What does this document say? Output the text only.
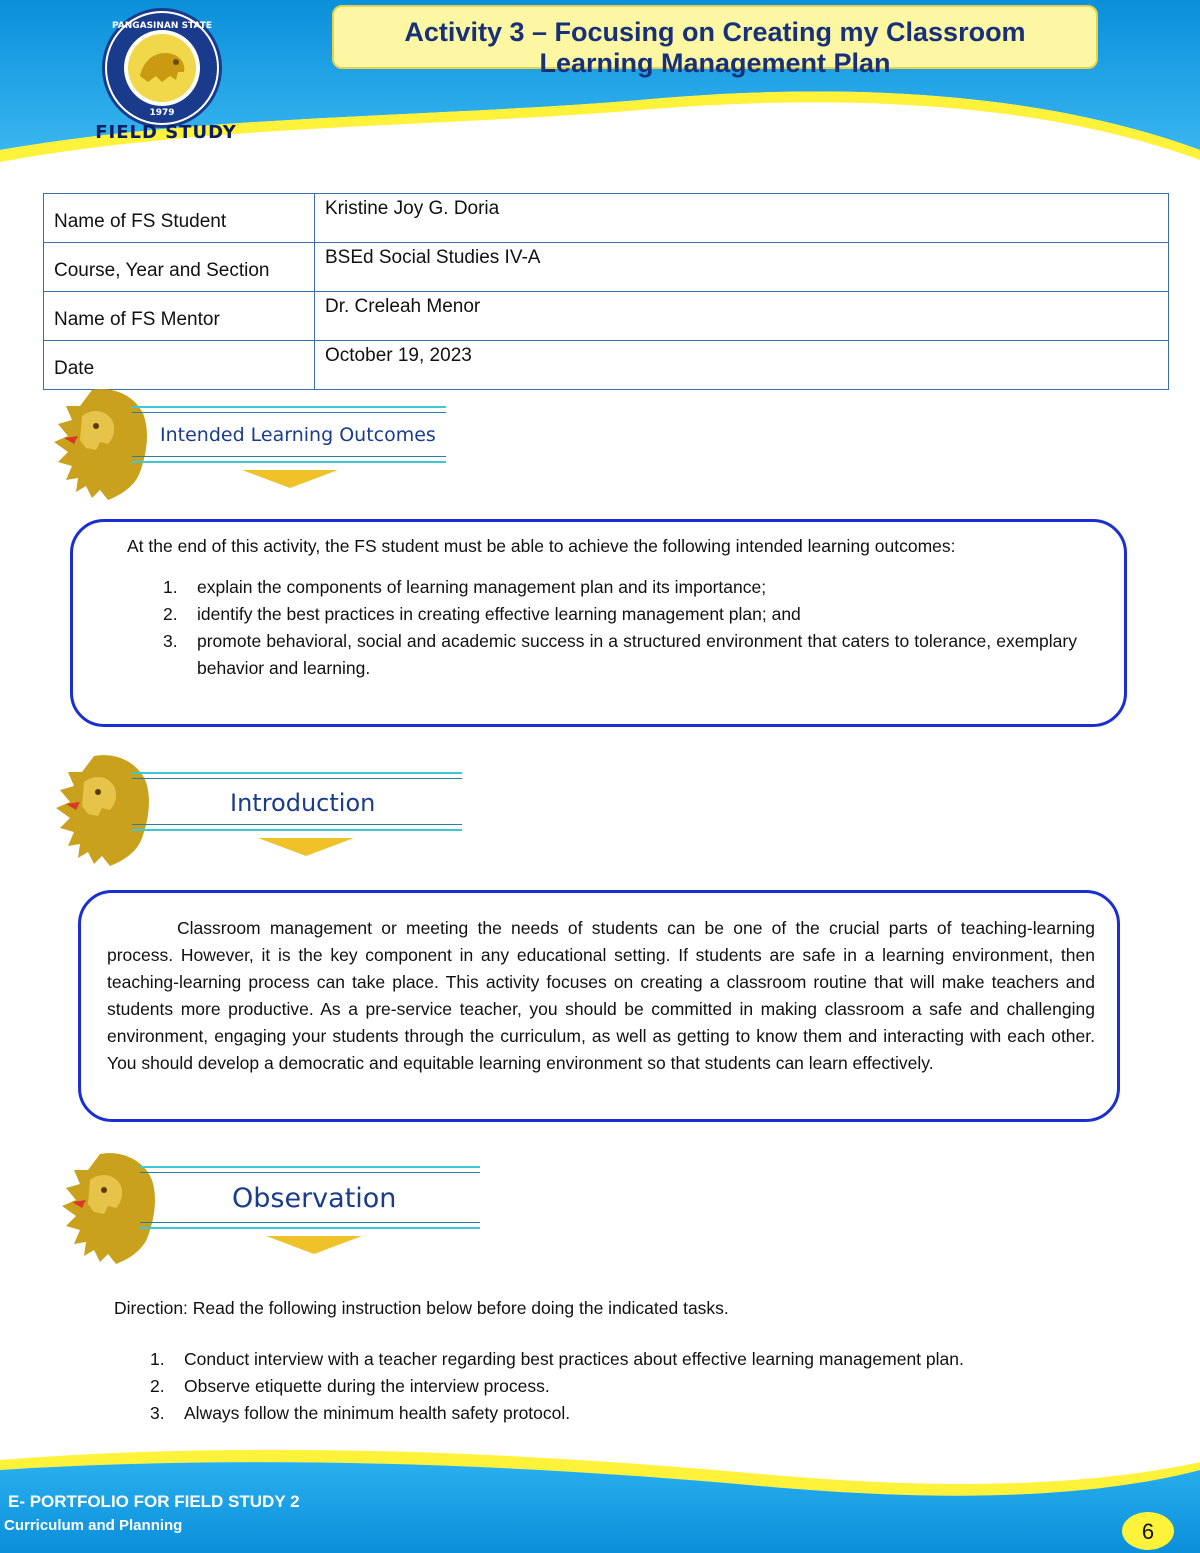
PANGASINAN STATE
1979
FIELD STUDY
Activity 3 – Focusing on Creating my Classroom
Learning Management Plan
Name of FS Student	Kristine Joy G. Doria
Course, Year and Section	BSEd Social Studies IV-A
Name of FS Mentor	Dr. Creleah Menor
Date	October 19, 2023
Intended Learning Outcomes
At the end of this activity, the FS student must be able to achieve the following intended learning outcomes:
1. explain the components of learning management plan and its importance;
2. identify the best practices in creating effective learning management plan; and
3. promote behavioral, social and academic success in a structured environment that caters to tolerance, exemplary behavior and learning.
Introduction
Classroom management or meeting the needs of students can be one of the crucial parts of teaching-learning process. However, it is the key component in any educational setting. If students are safe in a learning environment, then teaching-learning process can take place. This activity focuses on creating a classroom routine that will make teachers and students more productive. As a pre-service teacher, you should be committed in making classroom a safe and challenging environment, engaging your students through the curriculum, as well as getting to know them and interacting with each other. You should develop a democratic and equitable learning environment so that students can learn effectively.
Observation
Direction: Read the following instruction below before doing the indicated tasks.
1. Conduct interview with a teacher regarding best practices about effective learning management plan.
2. Observe etiquette during the interview process.
3. Always follow the minimum health safety protocol.
E- PORTFOLIO FOR FIELD STUDY 2
Curriculum and Planning	6
